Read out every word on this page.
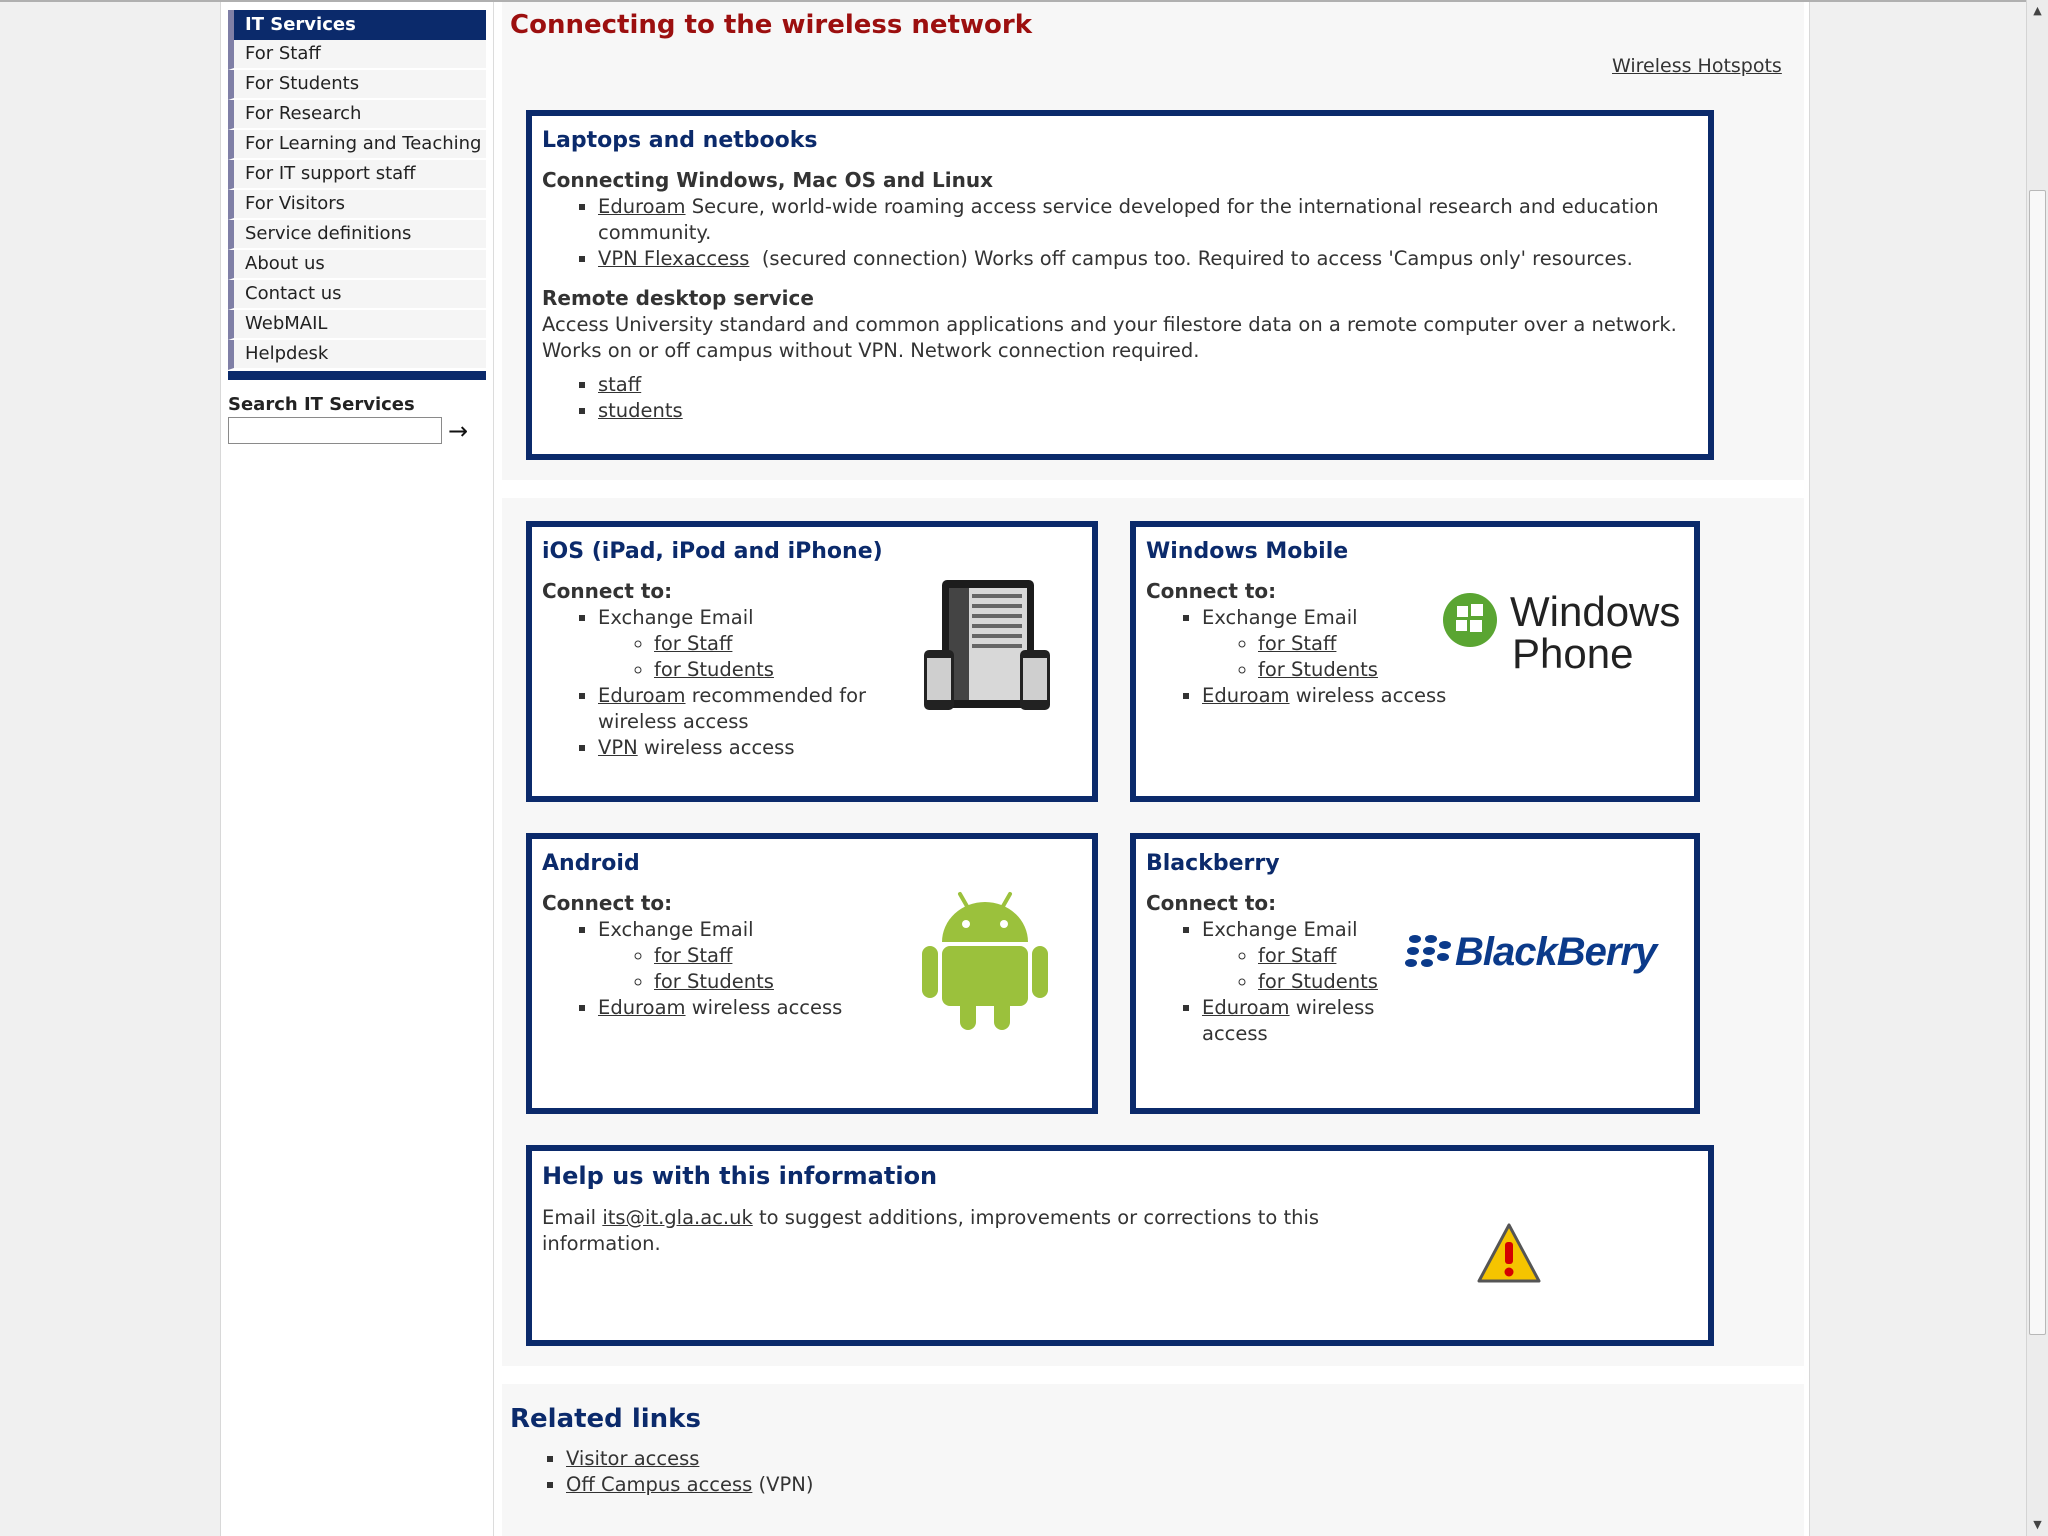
IT Services
For Staff
For Students
For Research
For Learning and Teaching
For IT support staff
For Visitors
Service definitions
About us
Contact us
WebMAIL
Helpdesk
Search IT Services
→
Connecting to the wireless network
Wireless Hotspots
Laptops and netbooks
Connecting Windows, Mac OS and Linux
▪ Eduroam Secure, world-wide roaming access service developed for the international research and education community.
▪ VPN Flexaccess  (secured connection) Works off campus too. Required to access 'Campus only' resources.
Remote desktop service

Access University standard and common applications and your filestore data on a remote computer over a network. Works on or off campus without VPN. Network connection required.

▪ staff
▪ students
iOS (iPad, iPod and iPhone)
Connect to:
▪ Exchange Email
◦ for Staff
◦ for Students
▪ Eduroam recommended for wireless access
▪ VPN wireless access
Windows Mobile
Connect to:
▪ Exchange Email
◦ for Staff
◦ for Students
▪ Eduroam wireless access
Windows
Phone
Android
Connect to:
▪ Exchange Email
◦ for Staff
◦ for Students
▪ Eduroam wireless access
Blackberry
Connect to:
▪ Exchange Email
◦ for Staff
◦ for Students
▪ Eduroam wireless access
BlackBerry
Help us with this information

Email its@it.gla.ac.uk to suggest additions, improvements or corrections to this information.

Related links
▪ Visitor access
▪ Off Campus access (VPN)
▲
▼
